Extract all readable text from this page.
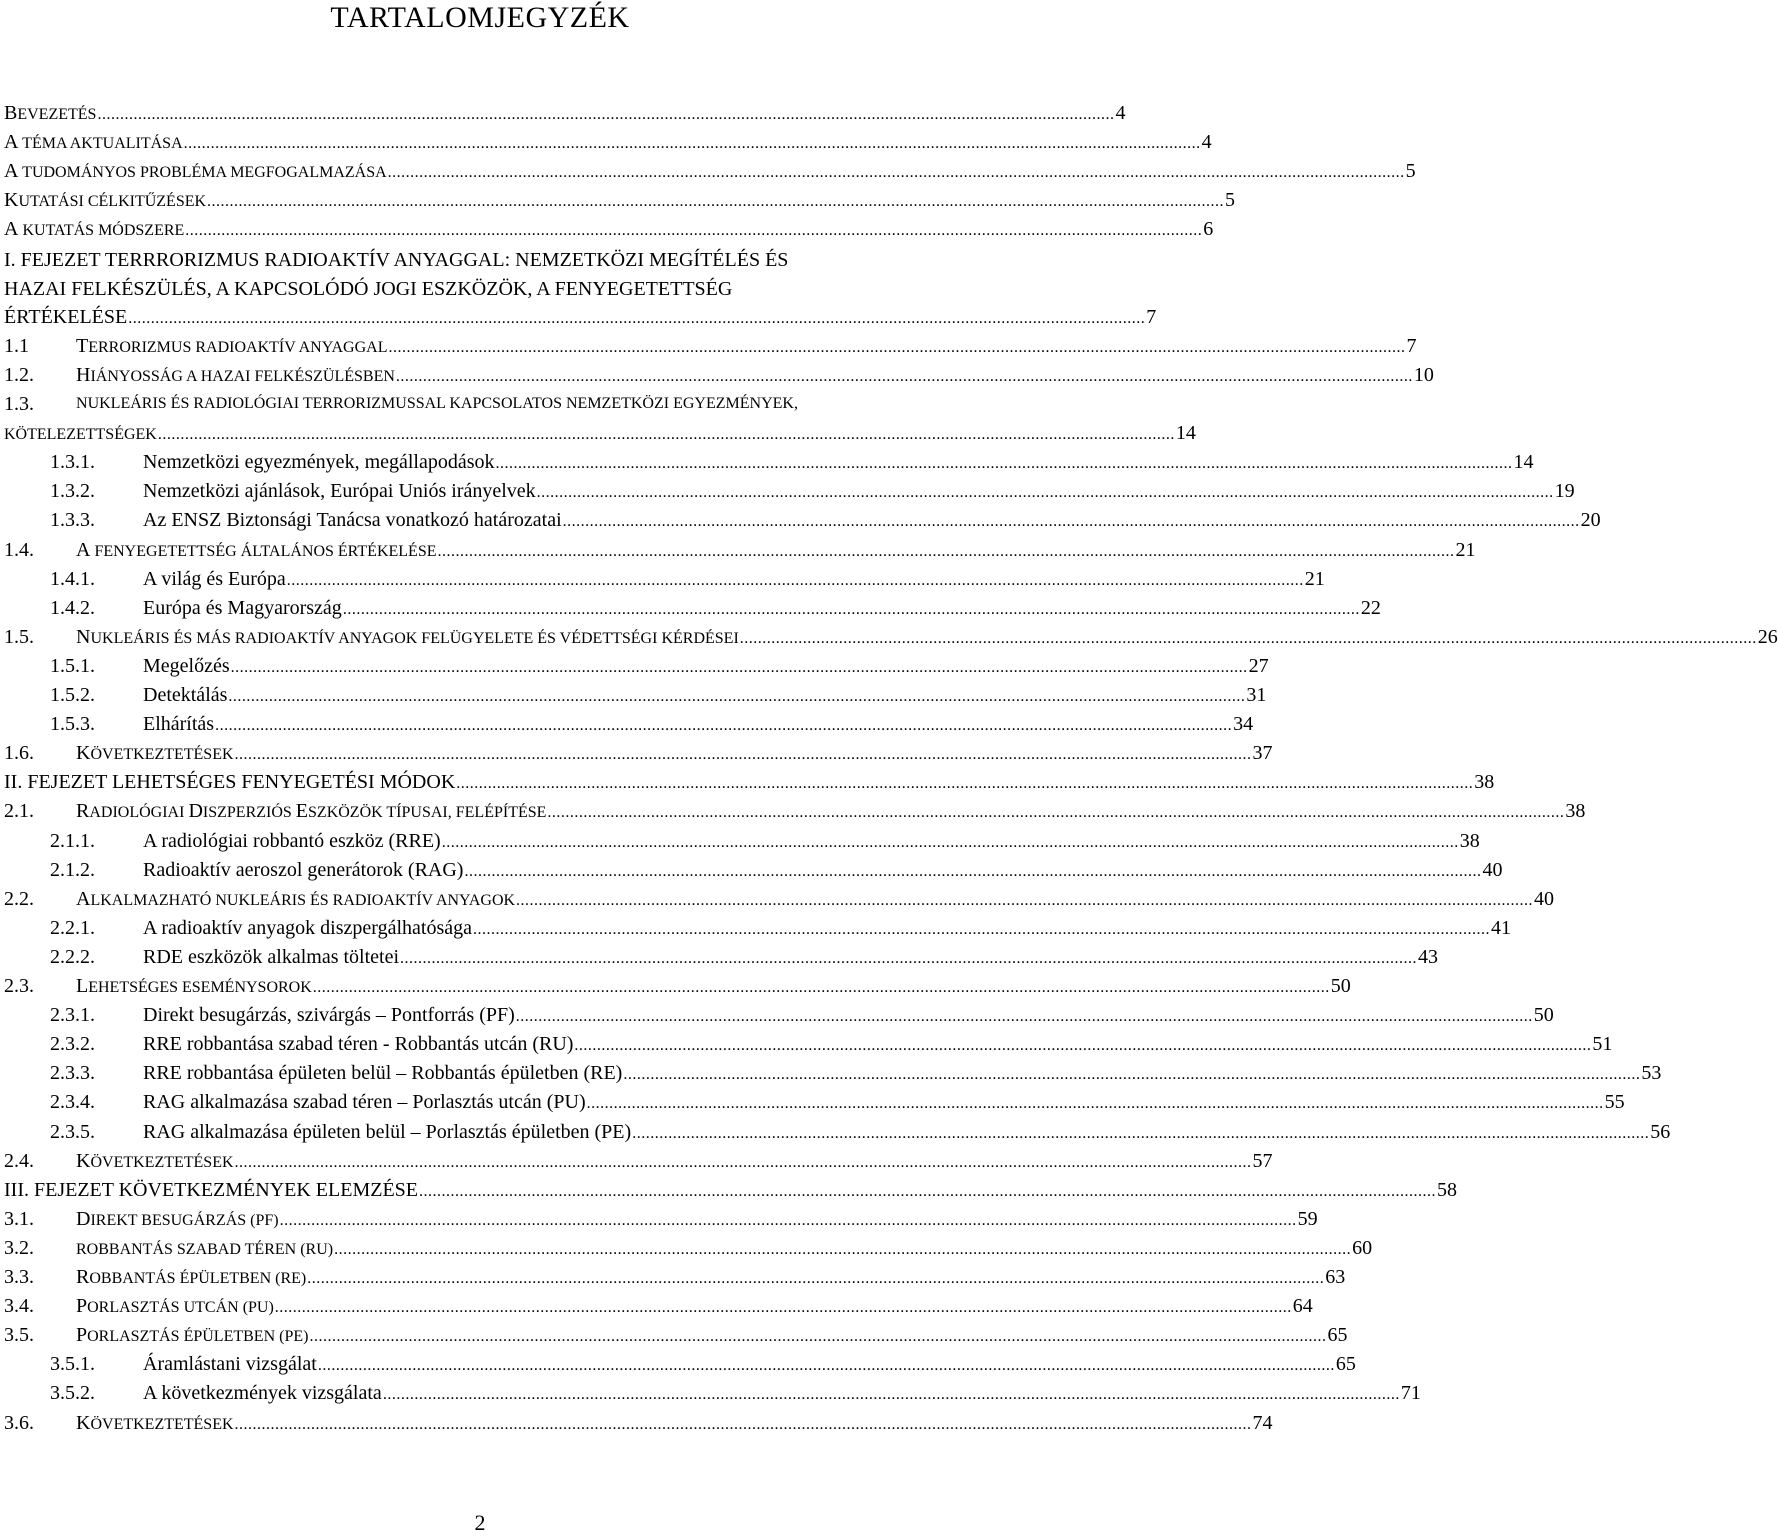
TARTALOMJEGYZÉK
BEVEZETÉS .................................................................................................................................................................................................................................. 4
A TÉMA AKTUALITÁSA .................................................................................................................................................................................................................................. 4
A TUDOMÁNYOS PROBLÉMA MEGFOGALMAZÁSA .................................................................................................................................................................................................................................. 5
KUTATÁSI CÉLKITŰZÉSEK .................................................................................................................................................................................................................................. 5
A KUTATÁS MÓDSZERE .................................................................................................................................................................................................................................. 6
I. FEJEZET TERRRORIZMUS RADIOAKTÍV ANYAGGAL: NEMZETKÖZI MEGÍTÉLÉS ÉS
HAZAI FELKÉSZÜLÉS, A KAPCSOLÓDÓ JOGI ESZKÖZÖK, A FENYEGETETTSÉG
ÉRTÉKELÉSE .................................................................................................................................................................................................................................. 7
1.1 TERRORIZMUS RADIOAKTÍV ANYAGGAL .................................................................................................................................................................................................................................. 7
1.2. HIÁNYOSSÁG A HAZAI FELKÉSZÜLÉSBEN .................................................................................................................................................................................................................................. 10
1.3.	NUKLEÁRIS ÉS RADIOLÓGIAI TERRORIZMUSSAL KAPCSOLATOS NEMZETKÖZI EGYEZMÉNYEK,
KÖTELEZETTSÉGEK .................................................................................................................................................................................................................................. 14
1.3.1. Nemzetközi egyezmények, megállapodások .................................................................................................................................................................................................................................. 14
1.3.2. Nemzetközi ajánlások, Európai Uniós irányelvek .................................................................................................................................................................................................................................. 19
1.3.3. Az ENSZ Biztonsági Tanácsa vonatkozó határozatai .................................................................................................................................................................................................................................. 20
1.4. A FENYEGETETTSÉG ÁLTALÁNOS ÉRTÉKELÉSE .................................................................................................................................................................................................................................. 21
1.4.1. A világ és Európa .................................................................................................................................................................................................................................. 21
1.4.2. Európa és Magyarország .................................................................................................................................................................................................................................. 22
1.5. NUKLEÁRIS ÉS MÁS RADIOAKTÍV ANYAGOK FELÜGYELETE ÉS VÉDETTSÉGI KÉRDÉSEI .................................................................................................................................................................................................................................. 26
1.5.1. Megelőzés .................................................................................................................................................................................................................................. 27
1.5.2. Detektálás .................................................................................................................................................................................................................................. 31
1.5.3. Elhárítás .................................................................................................................................................................................................................................. 34
1.6. KÖVETKEZTETÉSEK .................................................................................................................................................................................................................................. 37
II. FEJEZET LEHETSÉGES FENYEGETÉSI MÓDOK .................................................................................................................................................................................................................................. 38
2.1. RADIOLÓGIAI DISZPERZIÓS ESZKÖZÖK TÍPUSAI, FELÉPÍTÉSE .................................................................................................................................................................................................................................. 38
2.1.1. A radiológiai robbantó eszköz (RRE) .................................................................................................................................................................................................................................. 38
2.1.2. Radioaktív aeroszol generátorok (RAG) .................................................................................................................................................................................................................................. 40
2.2. ALKALMAZHATÓ NUKLEÁRIS ÉS RADIOAKTÍV ANYAGOK .................................................................................................................................................................................................................................. 40
2.2.1. A radioaktív anyagok diszpergálhatósága .................................................................................................................................................................................................................................. 41
2.2.2. RDE eszközök alkalmas töltetei .................................................................................................................................................................................................................................. 43
2.3. LEHETSÉGES ESEMÉNYSOROK .................................................................................................................................................................................................................................. 50
2.3.1. Direkt besugárzás, szivárgás – Pontforrás (PF) .................................................................................................................................................................................................................................. 50
2.3.2. RRE robbantása szabad téren - Robbantás utcán (RU) .................................................................................................................................................................................................................................. 51
2.3.3. RRE robbantása épületen belül – Robbantás épületben (RE) .................................................................................................................................................................................................................................. 53
2.3.4. RAG alkalmazása szabad téren – Porlasztás utcán (PU) .................................................................................................................................................................................................................................. 55
2.3.5. RAG alkalmazása épületen belül – Porlasztás épületben (PE) .................................................................................................................................................................................................................................. 56
2.4. KÖVETKEZTETÉSEK .................................................................................................................................................................................................................................. 57
III. FEJEZET KÖVETKEZMÉNYEK ELEMZÉSE .................................................................................................................................................................................................................................. 58
3.1. DIREKT BESUGÁRZÁS (PF) .................................................................................................................................................................................................................................. 59
3.2.	ROBBANTÁS SZABAD TÉREN (RU) .................................................................................................................................................................................................................................. 60
3.3. ROBBANTÁS ÉPÜLETBEN (RE) .................................................................................................................................................................................................................................. 63
3.4. PORLASZTÁS UTCÁN (PU) .................................................................................................................................................................................................................................. 64
3.5. PORLASZTÁS ÉPÜLETBEN (PE) .................................................................................................................................................................................................................................. 65
3.5.1. Áramlástani vizsgálat .................................................................................................................................................................................................................................. 65
3.5.2. A következmények vizsgálata .................................................................................................................................................................................................................................. 71
3.6. KÖVETKEZTETÉSEK .................................................................................................................................................................................................................................. 74
2
